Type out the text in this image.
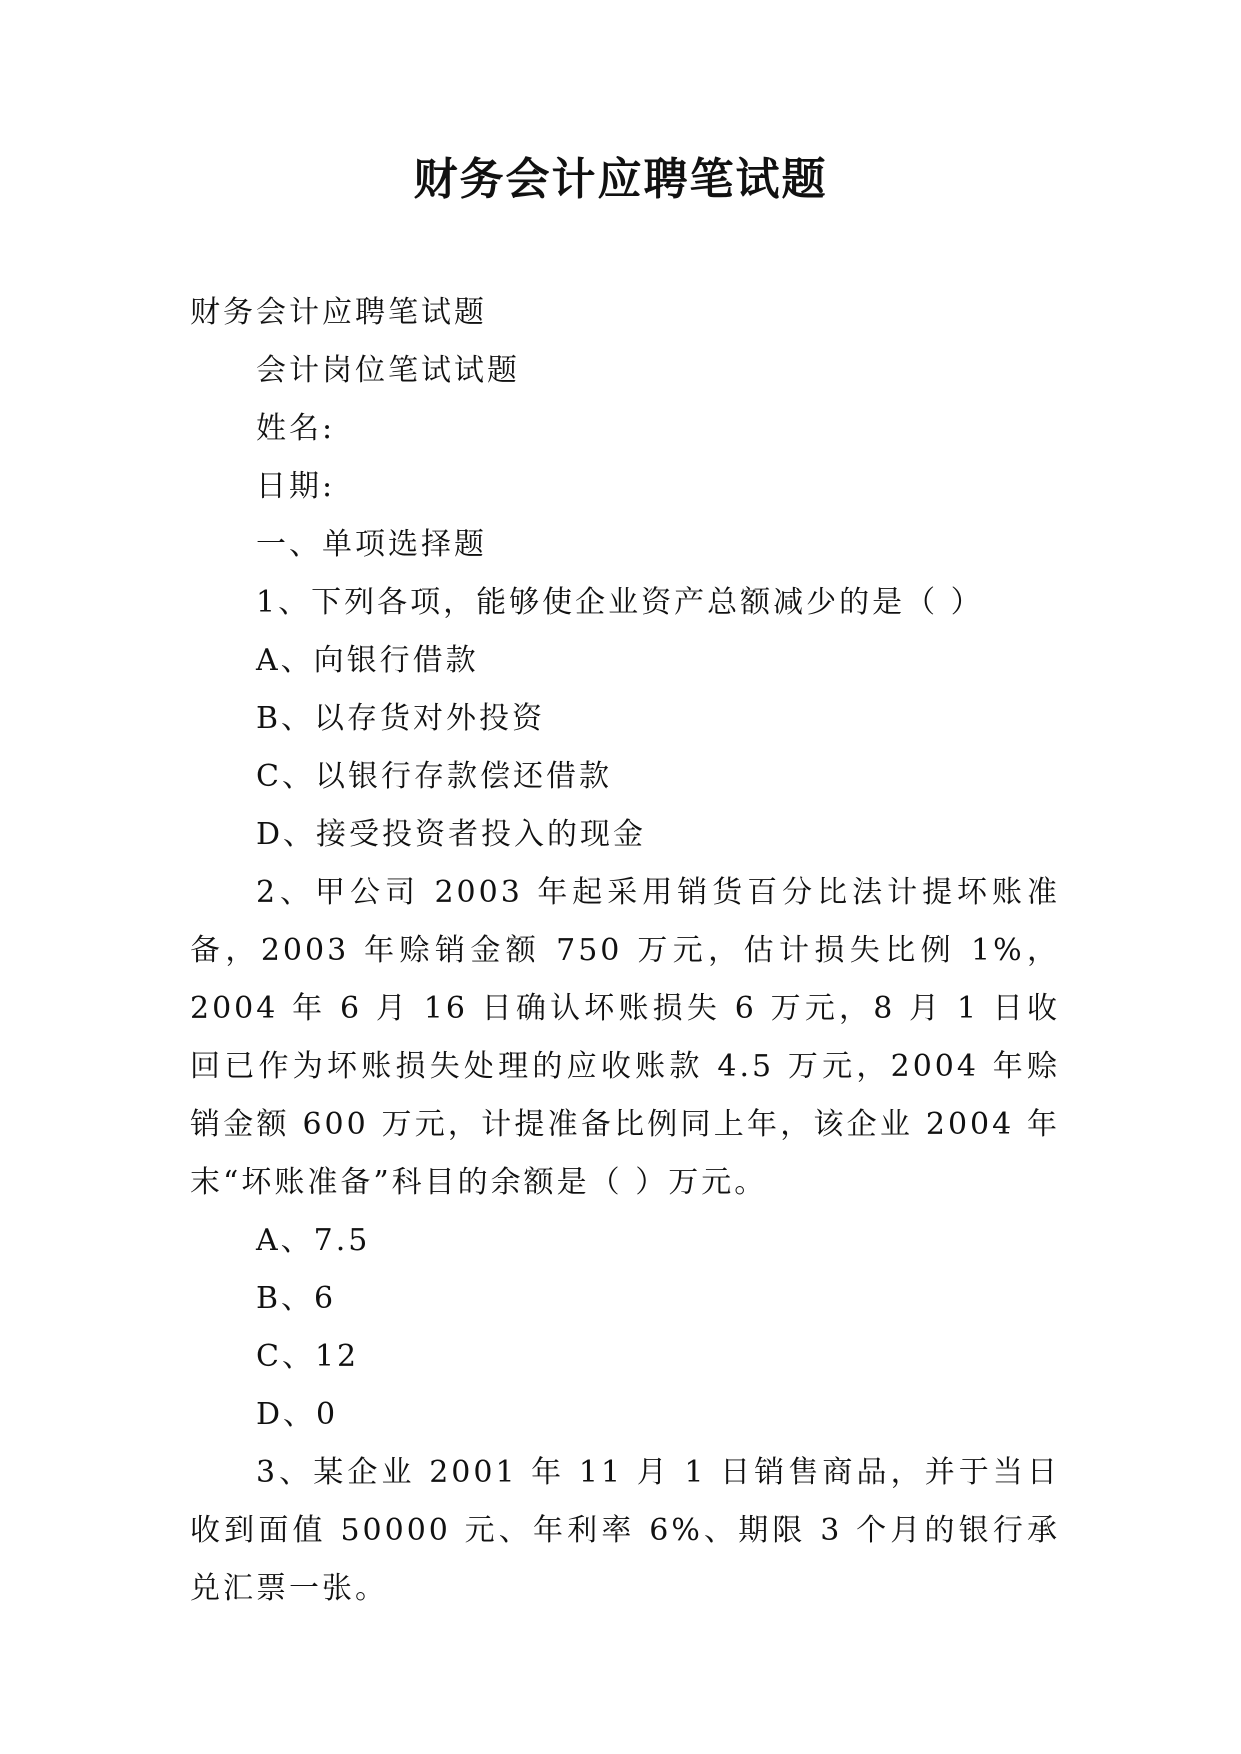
财务会计应聘笔试题

财务会计应聘笔试题

会计岗位笔试试题

姓名:

日期:

一、单项选择题

1、下列各项，能够使企业资产总额减少的是（ ）

A、向银行借款

B、以存货对外投资

C、以银行存款偿还借款

D、接受投资者投入的现金

2、甲公司 2003 年起采用销货百分比法计提坏账准备，2003 年赊销金额 750 万元，估计损失比例 1%，2004 年 6 月 16 日确认坏账损失 6 万元，8 月 1 日收回已作为坏账损失处理的应收账款 4.5 万元，2004 年赊销金额 600 万元，计提准备比例同上年，该企业 2004 年末“坏账准备”科目的余额是（ ）万元。

A、7.5

B、6

C、12

D、0

3、某企业 2001 年 11 月 1 日销售商品，并于当日收到面值 50000 元、年利率 6%、期限 3 个月的银行承兑汇票一张。
